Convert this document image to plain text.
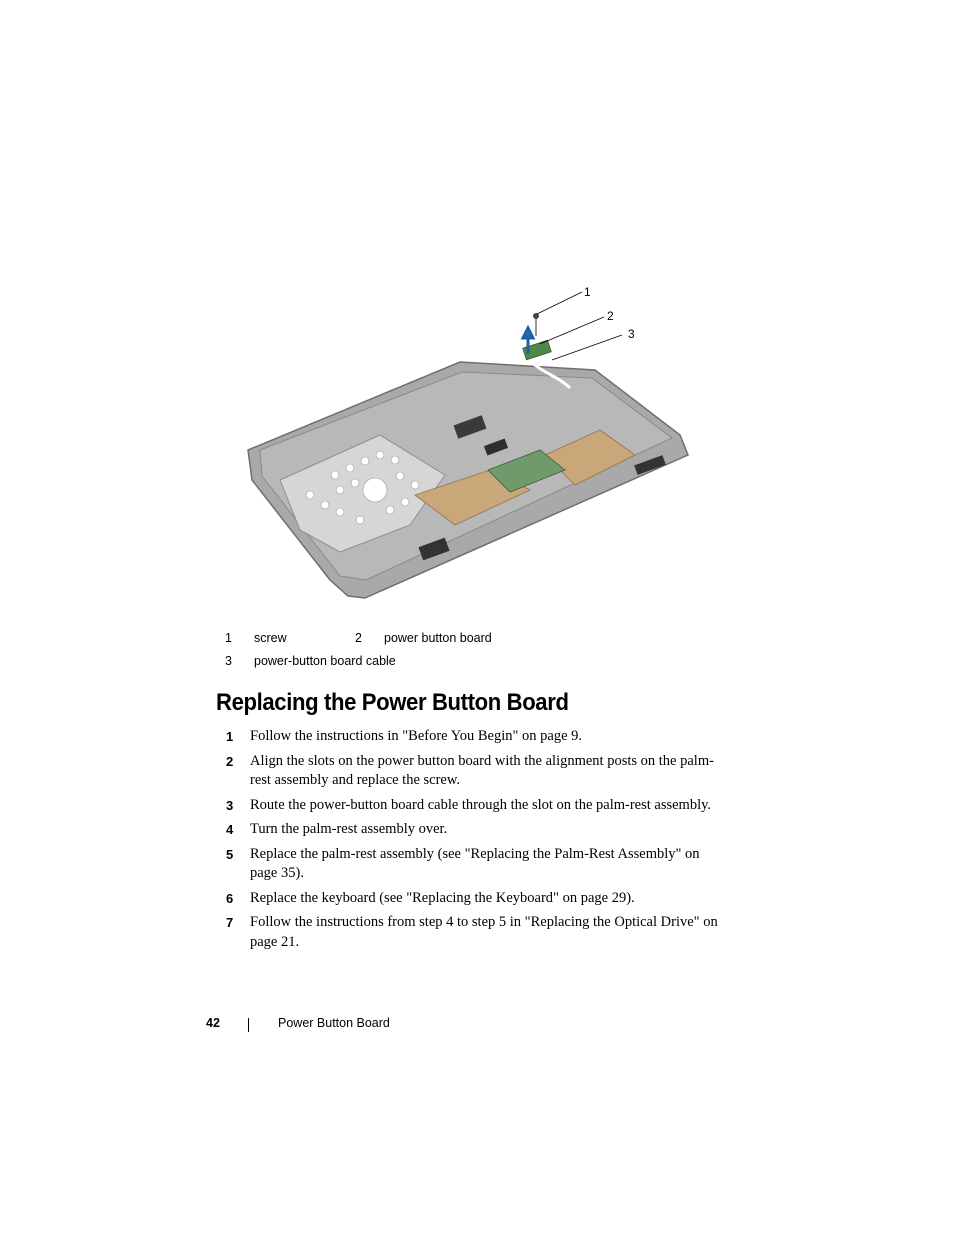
1
2
3
1 screw	2 power button board
3 power-button board cable
Replacing the Power Button Board
1 Follow the instructions in "Before You Begin" on page 9.
2 Align the slots on the power button board with the alignment posts on the palm-rest assembly and replace the screw.
3 Route the power-button board cable through the slot on the palm-rest assembly.
4 Turn the palm-rest assembly over.
5 Replace the palm-rest assembly (see "Replacing the Palm-Rest Assembly" on page 35).
6 Replace the keyboard (see "Replacing the Keyboard" on page 29).
7 Follow the instructions from step 4 to step 5 in "Replacing the Optical Drive" on page 21.
42	Power Button Board
